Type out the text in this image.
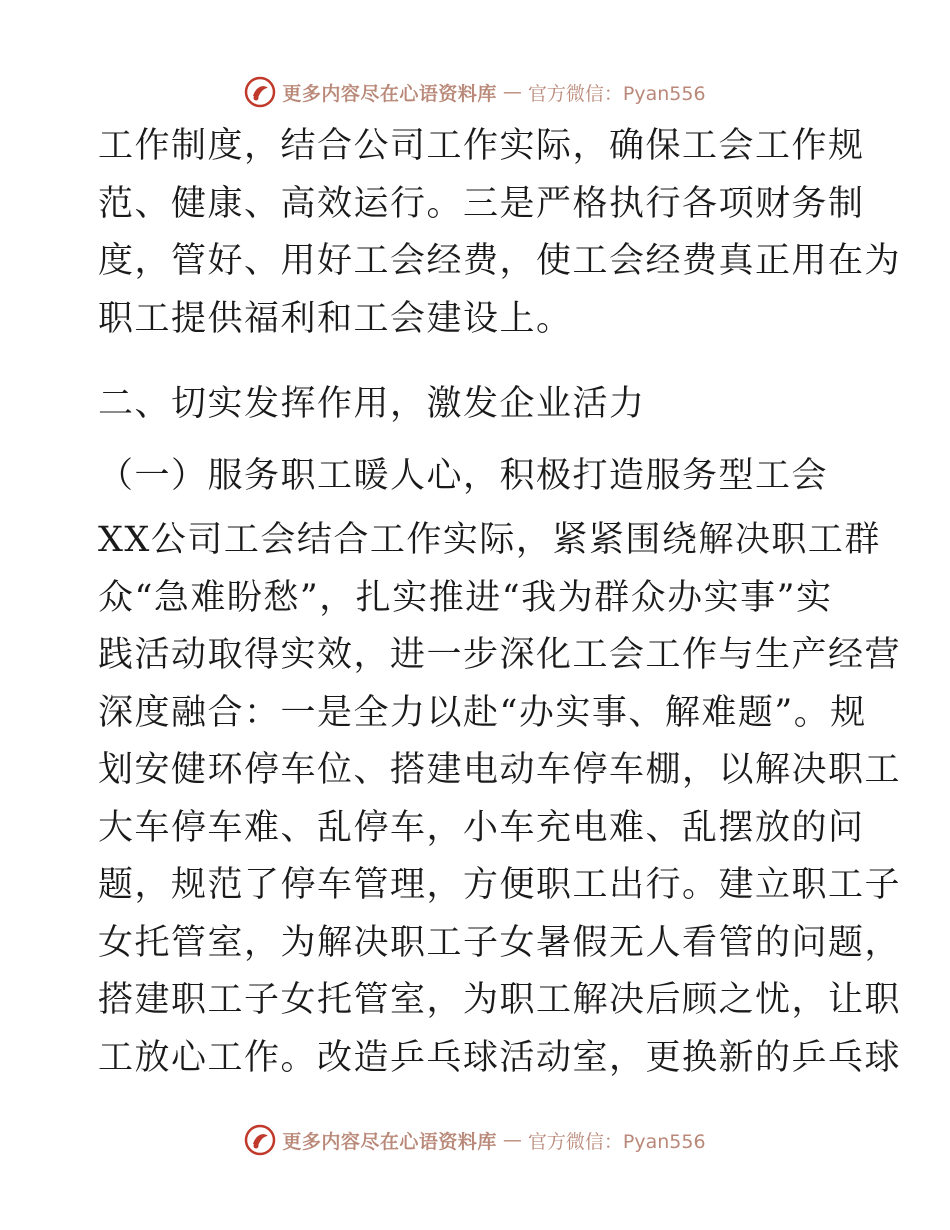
更多内容尽在心语资料库 — 官方微信：Pyan556
工作制度，结合公司工作实际，确保工会工作规
范、健康、高效运行。三是严格执行各项财务制
度，管好、用好工会经费，使工会经费真正用在为
职工提供福利和工会建设上。
二、切实发挥作用，激发企业活力
（一）服务职工暖人心，积极打造服务型工会
XX公司工会结合工作实际，紧紧围绕解决职工群
众“急难盼愁”，扎实推进“我为群众办实事”实
践活动取得实效，进一步深化工会工作与生产经营
深度融合：一是全力以赴“办实事、解难题”。规
划安健环停车位、搭建电动车停车棚，以解决职工
大车停车难、乱停车，小车充电难、乱摆放的问
题，规范了停车管理，方便职工出行。建立职工子
女托管室，为解决职工子女暑假无人看管的问题，
搭建职工子女托管室，为职工解决后顾之忧，让职
工放心工作。改造乒乓球活动室，更换新的乒乓球
更多内容尽在心语资料库 — 官方微信：Pyan556
